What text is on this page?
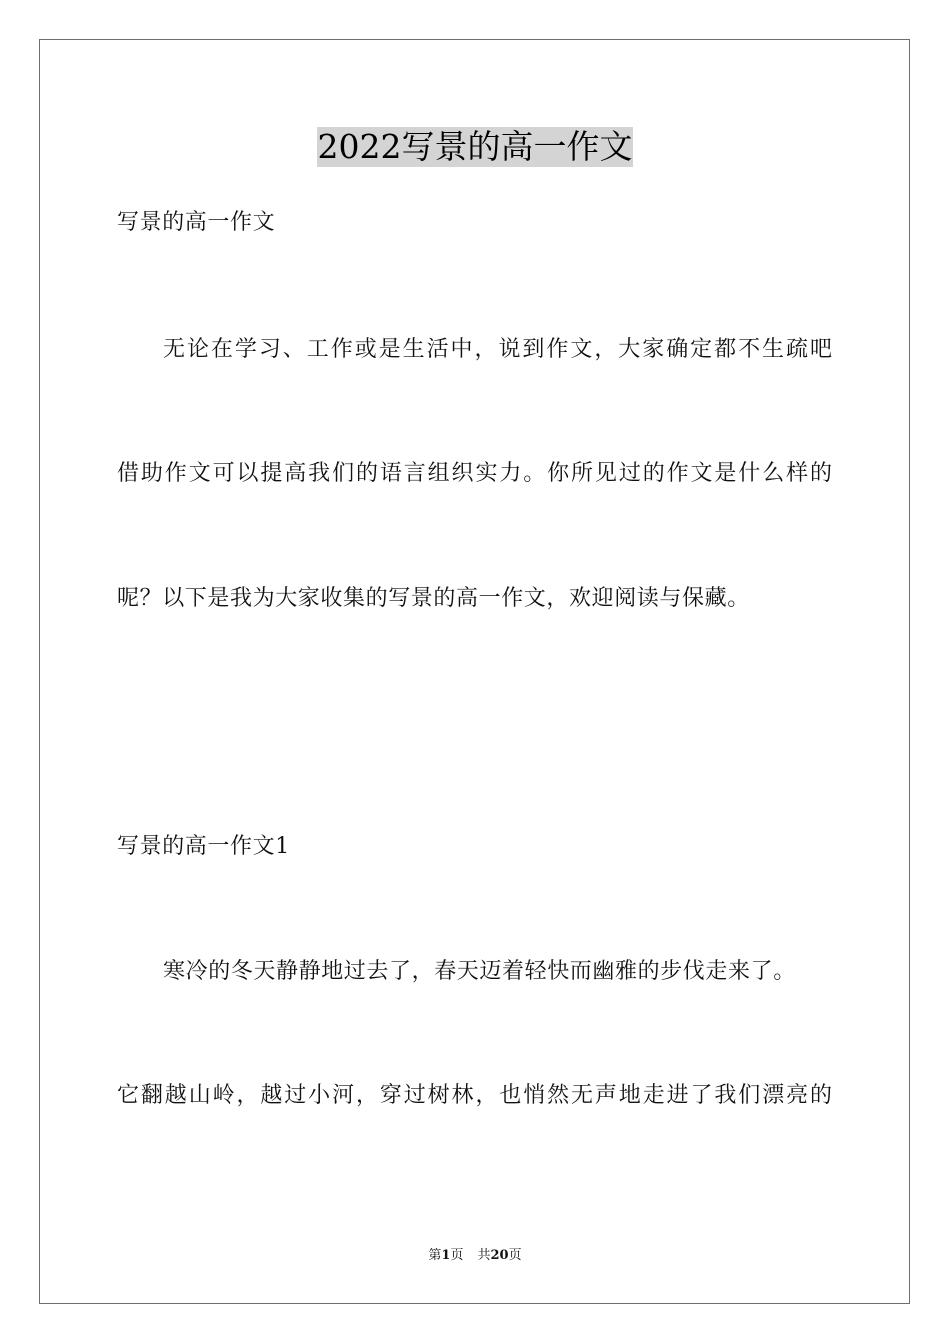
2022写景的高一作文

写景的高一作文

无论在学习、工作或是生活中，说到作文，大家确定都不生疏吧

借助作文可以提高我们的语言组织实力。你所见过的作文是什么样的

呢？以下是我为大家收集的写景的高一作文，欢迎阅读与保藏。

写景的高一作文1

寒冷的冬天静静地过去了，春天迈着轻快而幽雅的步伐走来了。

它翻越山岭，越过小河，穿过树林，也悄然无声地走进了我们漂亮的

第1页 共20页
